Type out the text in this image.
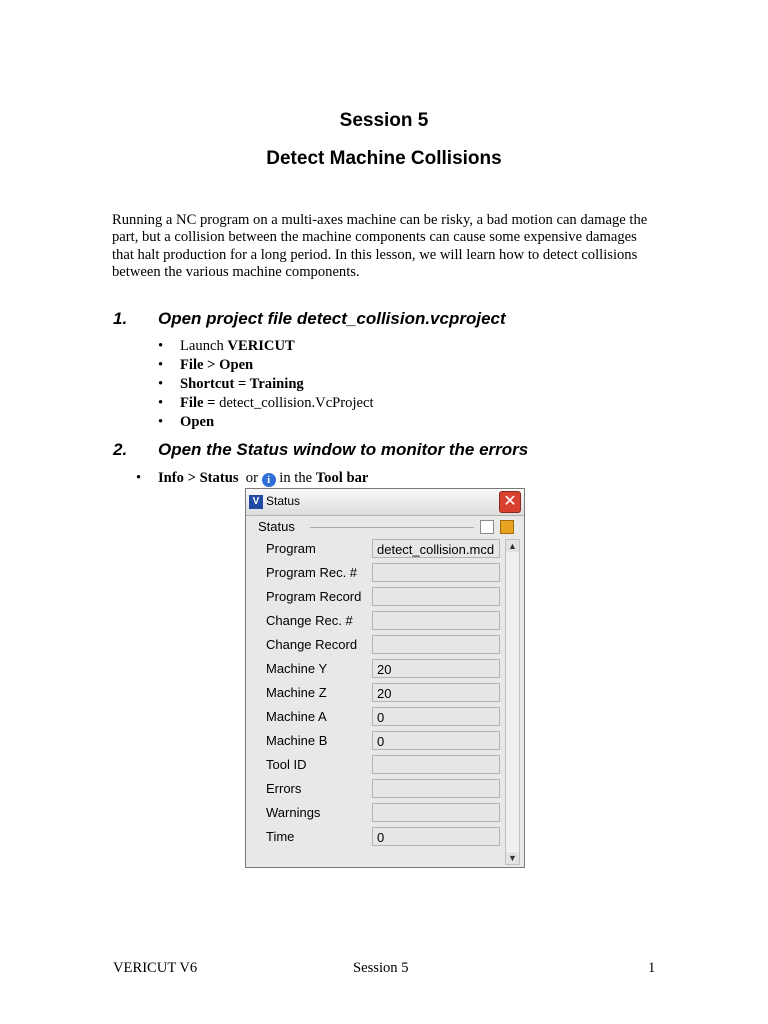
Session 5
Detect Machine Collisions
Running a NC program on a multi-axes machine can be risky, a bad motion can damage the part, but a collision between the machine components can cause some expensive damages that halt production for a long period. In this lesson, we will learn how to detect collisions between the various machine components.
1. Open project file detect_collision.vcproject
• Launch VERICUT
• File > Open
• Shortcut = Training
• File = detect_collision.VcProject
• Open
2. Open the Status window to monitor the errors
• Info > Status or i in the Tool bar
V Status	✕
Status
Program	detect_collision.mcd
Program Rec. #
Program Record
Change Rec. #
Change Record
Machine Y	20
Machine Z	20
Machine A	0
Machine B	0
Tool ID
Errors
Warnings
Time	0
▲
▼
VERICUT V6	Session 5	1
